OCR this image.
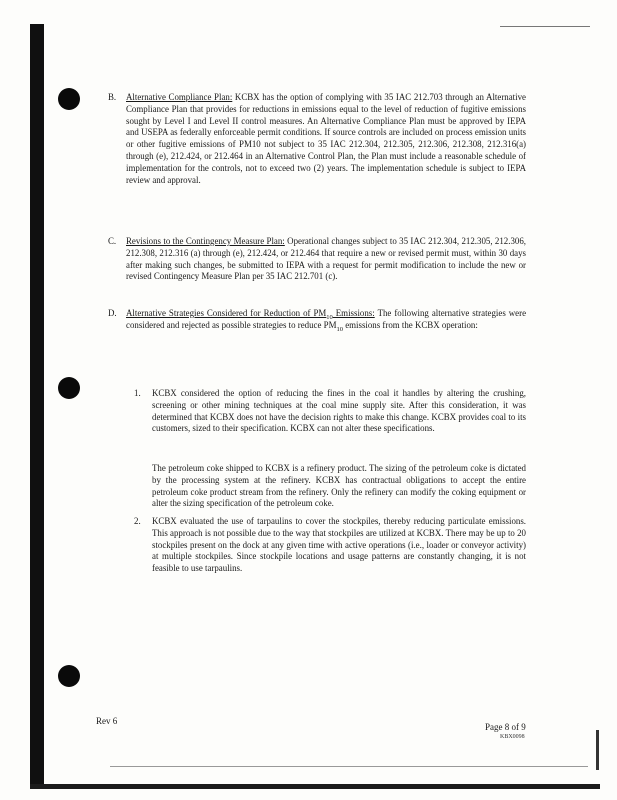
B. Alternative Compliance Plan: KCBX has the option of complying with 35 IAC 212.703 through an Alternative Compliance Plan that provides for reductions in emissions equal to the level of reduction of fugitive emissions sought by Level I and Level II control measures. An Alternative Compliance Plan must be approved by IEPA and USEPA as federally enforceable permit conditions. If source controls are included on process emission units or other fugitive emissions of PM10 not subject to 35 IAC 212.304, 212.305, 212.306, 212.308, 212.316(a) through (e), 212.424, or 212.464 in an Alternative Control Plan, the Plan must include a reasonable schedule of implementation for the controls, not to exceed two (2) years. The implementation schedule is subject to IEPA review and approval.
C. Revisions to the Contingency Measure Plan: Operational changes subject to 35 IAC 212.304, 212.305, 212.306, 212.308, 212.316 (a) through (e), 212.424, or 212.464 that require a new or revised permit must, within 30 days after making such changes, be submitted to IEPA with a request for permit modification to include the new or revised Contingency Measure Plan per 35 IAC 212.701 (c).
D. Alternative Strategies Considered for Reduction of $PM_{10}$ Emissions: The following alternative strategies were considered and rejected as possible strategies to reduce $PM_{10}$ emissions from the KCBX operation:
1. KCBX considered the option of reducing the fines in the coal it handles by altering the crushing, screening or other mining techniques at the coal mine supply site. After this consideration, it was determined that KCBX does not have the decision rights to make this change. KCBX provides coal to its customers, sized to their specification. KCBX can not alter these specifications.
The petroleum coke shipped to KCBX is a refinery product. The sizing of the petroleum coke is dictated by the processing system at the refinery. KCBX has contractual obligations to accept the entire petroleum coke product stream from the refinery. Only the refinery can modify the coking equipment or alter the sizing specification of the petroleum coke.
2. KCBX evaluated the use of tarpaulins to cover the stockpiles, thereby reducing particulate emissions. This approach is not possible due to the way that stockpiles are utilized at KCBX. There may be up to 20 stockpiles present on the dock at any given time with active operations (i.e., loader or conveyor activity) at multiple stockpiles. Since stockpile locations and usage patterns are constantly changing, it is not feasible to use tarpaulins.
Rev 6
Page 8 of 9
KBX0098
